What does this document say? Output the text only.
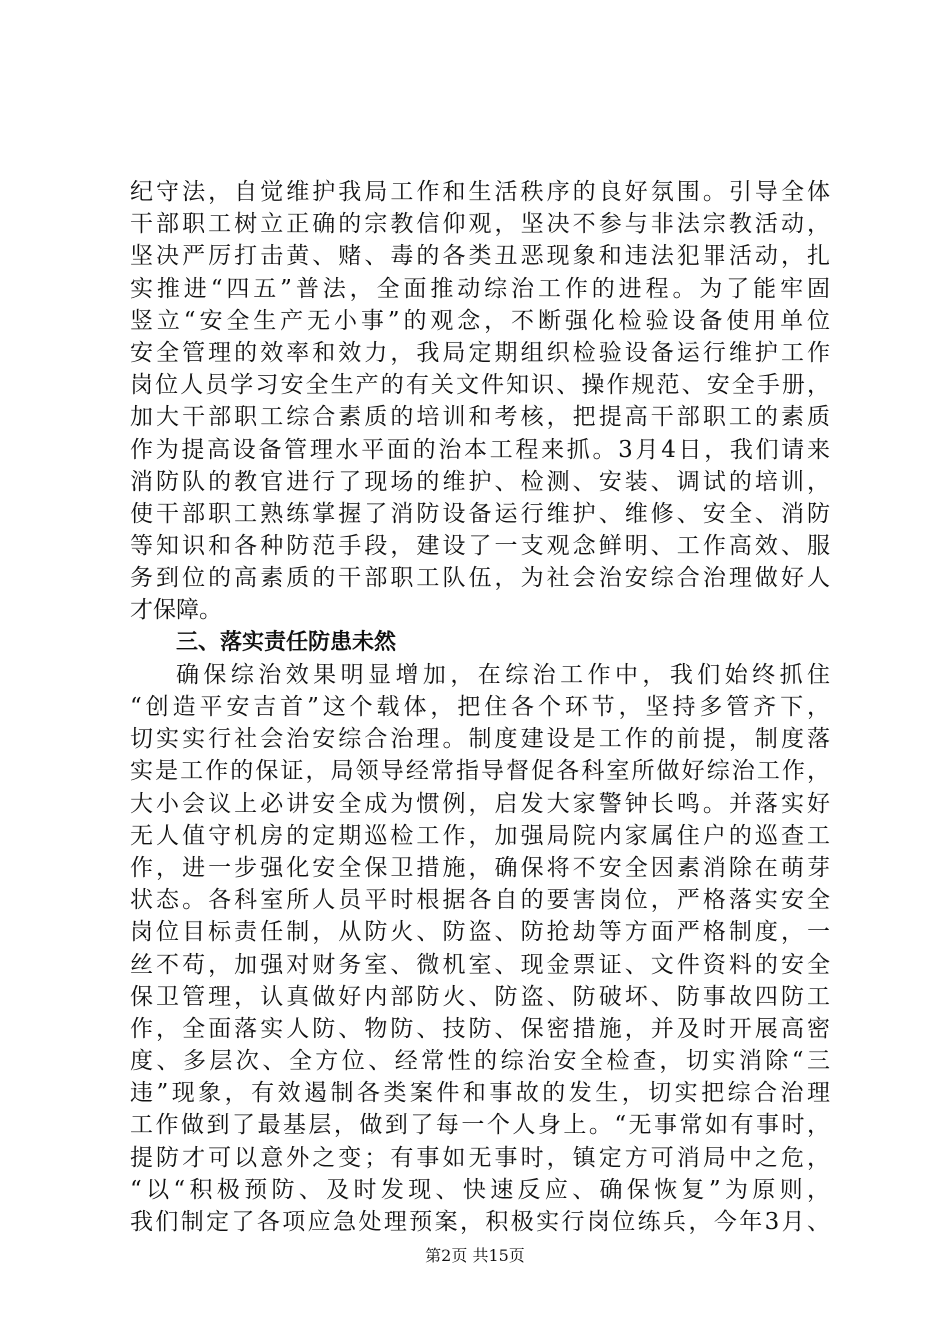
纪守法，自觉维护我局工作和生活秩序的良好氛围。引导全体
干部职工树立正确的宗教信仰观，坚决不参与非法宗教活动，
坚决严厉打击黄、赌、毒的各类丑恶现象和违法犯罪活动，扎
实推进“四五”普法，全面推动综治工作的进程。为了能牢固
竖立“安全生产无小事”的观念，不断强化检验设备使用单位
安全管理的效率和效力，我局定期组织检验设备运行维护工作
岗位人员学习安全生产的有关文件知识、操作规范、安全手册，
加大干部职工综合素质的培训和考核，把提高干部职工的素质
作为提高设备管理水平面的治本工程来抓。3月4日，我们请来
消防队的教官进行了现场的维护、检测、安装、调试的培训，
使干部职工熟练掌握了消防设备运行维护、维修、安全、消防
等知识和各种防范手段，建设了一支观念鲜明、工作高效、服
务到位的高素质的干部职工队伍，为社会治安综合治理做好人
才保障。
三、落实责任防患未然
确保综治效果明显增加，在综治工作中，我们始终抓住
“创造平安吉首”这个载体，把住各个环节，坚持多管齐下，
切实实行社会治安综合治理。制度建设是工作的前提，制度落
实是工作的保证，局领导经常指导督促各科室所做好综治工作，
大小会议上必讲安全成为惯例，启发大家警钟长鸣。并落实好
无人值守机房的定期巡检工作，加强局院内家属住户的巡查工
作，进一步强化安全保卫措施，确保将不安全因素消除在萌芽
状态。各科室所人员平时根据各自的要害岗位，严格落实安全
岗位目标责任制，从防火、防盗、防抢劫等方面严格制度，一
丝不苟，加强对财务室、微机室、现金票证、文件资料的安全
保卫管理，认真做好内部防火、防盗、防破坏、防事故四防工
作，全面落实人防、物防、技防、保密措施，并及时开展高密
度、多层次、全方位、经常性的综治安全检查，切实消除“三
违”现象，有效遏制各类案件和事故的发生，切实把综合治理
工作做到了最基层，做到了每一个人身上。“无事常如有事时，
提防才可以意外之变；有事如无事时，镇定方可消局中之危，
“以“积极预防、及时发现、快速反应、确保恢复”为原则，
我们制定了各项应急处理预案，积极实行岗位练兵，今年3月、
第2页 共15页
